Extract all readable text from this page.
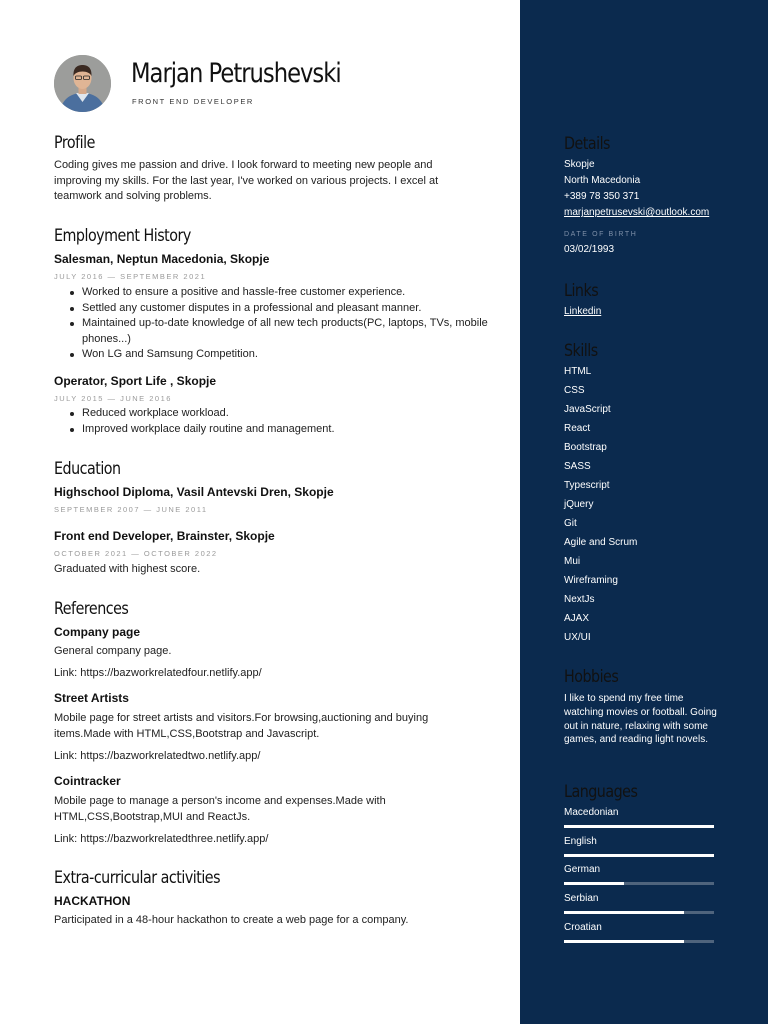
Marjan Petrushevski
FRONT END DEVELOPER
Profile
Coding gives me passion and drive. I look forward to meeting new people and improving my skills. For the last year, I've worked on various projects. I excel at teamwork and solving problems.
Employment History
Salesman, Neptun Macedonia, Skopje
JULY 2016 — SEPTEMBER 2021
Worked to ensure a positive and hassle-free customer experience.
Settled any customer disputes in a professional and pleasant manner.
Maintained up-to-date knowledge of all new tech products(PC, laptops, TVs, mobile phones...)
Won LG and Samsung Competition.
Operator, Sport Life , Skopje
JULY 2015 — JUNE 2016
Reduced workplace workload.
Improved workplace daily routine and management.
Education
Highschool Diploma, Vasil Antevski Dren, Skopje
SEPTEMBER 2007 — JUNE 2011
Front end Developer, Brainster, Skopje
OCTOBER 2021 — OCTOBER 2022
Graduated with highest score.
References
Company page
General company page.
Link: https://bazworkrelatedfour.netlify.app/
Street Artists
Mobile page for street artists and visitors.For browsing,auctioning and buying items.Made with HTML,CSS,Bootstrap and Javascript.
Link: https://bazworkrelatedtwo.netlify.app/
Cointracker
Mobile page to manage a person's income and expenses.Made with HTML,CSS,Bootstrap,MUI and ReactJs.
Link: https://bazworkrelatedthree.netlify.app/
Extra-curricular activities
HACKATHON
Participated in a 48-hour hackathon to create a web page for a company.
Details
Skopje
North Macedonia
+389 78 350 371
marjanpetrusevski@outlook.com
DATE OF BIRTH
03/02/1993
Links
Linkedin
Skills
HTML
CSS
JavaScript
React
Bootstrap
SASS
Typescript
jQuery
Git
Agile and Scrum
Mui
Wireframing
NextJs
AJAX
UX/UI
Hobbies
I like to spend my free time watching movies or football. Going out in nature, relaxing with some games, and reading light novels.
Languages
Macedonian
English
German
Serbian
Croatian
